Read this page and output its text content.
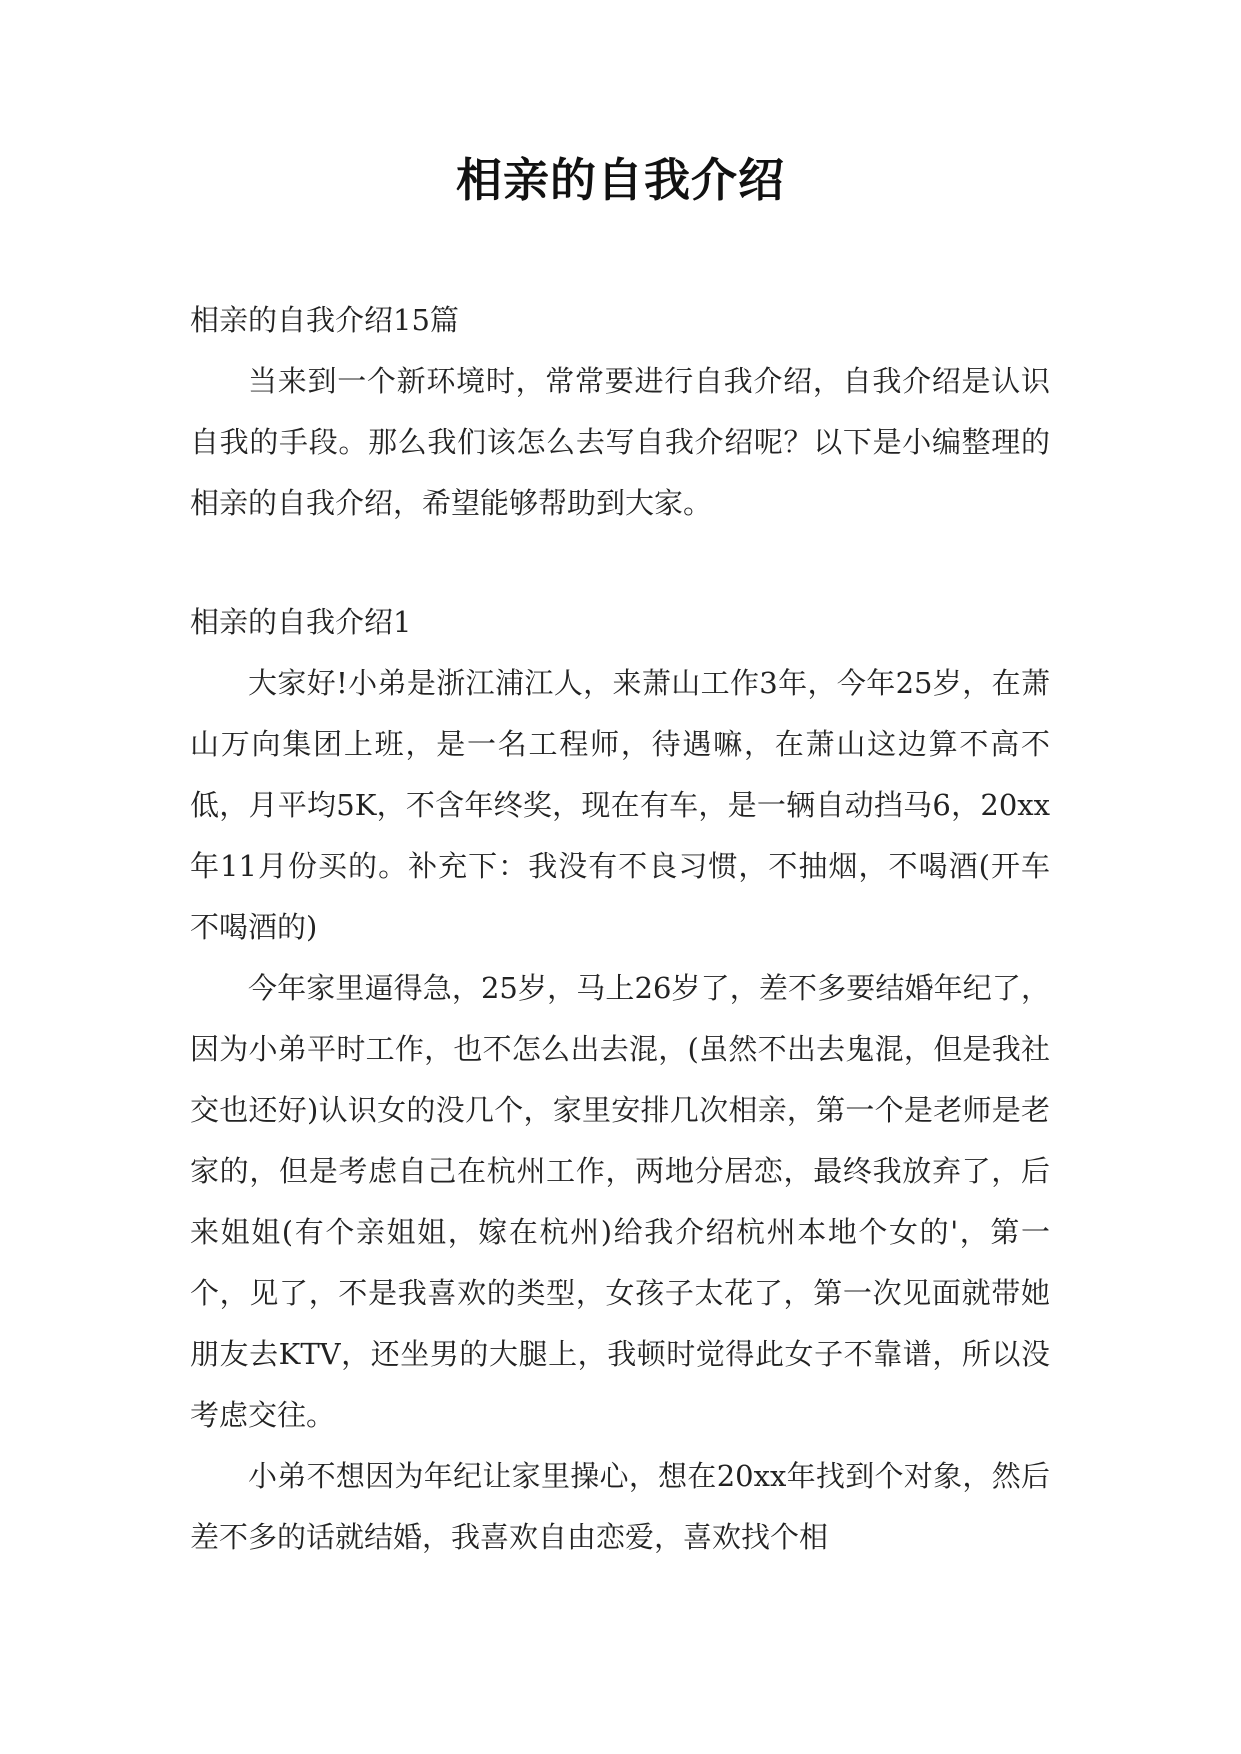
相亲的自我介绍

相亲的自我介绍15篇

当来到一个新环境时，常常要进行自我介绍，自我介绍是认识自我的手段。那么我们该怎么去写自我介绍呢？以下是小编整理的相亲的自我介绍，希望能够帮助到大家。

相亲的自我介绍1

大家好!小弟是浙江浦江人，来萧山工作3年，今年25岁，在萧山万向集团上班，是一名工程师，待遇嘛，在萧山这边算不高不低，月平均5K，不含年终奖，现在有车，是一辆自动挡马6，20xx年11月份买的。补充下：我没有不良习惯，不抽烟，不喝酒(开车不喝酒的)

今年家里逼得急，25岁，马上26岁了，差不多要结婚年纪了，因为小弟平时工作，也不怎么出去混，(虽然不出去鬼混，但是我社交也还好)认识女的没几个，家里安排几次相亲，第一个是老师是老家的，但是考虑自己在杭州工作，两地分居恋，最终我放弃了，后来姐姐(有个亲姐姐，嫁在杭州)给我介绍杭州本地个女的'，第一个，见了，不是我喜欢的类型，女孩子太花了，第一次见面就带她朋友去KTV，还坐男的大腿上，我顿时觉得此女子不靠谱，所以没考虑交往。

小弟不想因为年纪让家里操心，想在20xx年找到个对象，然后差不多的话就结婚，我喜欢自由恋爱，喜欢找个相
